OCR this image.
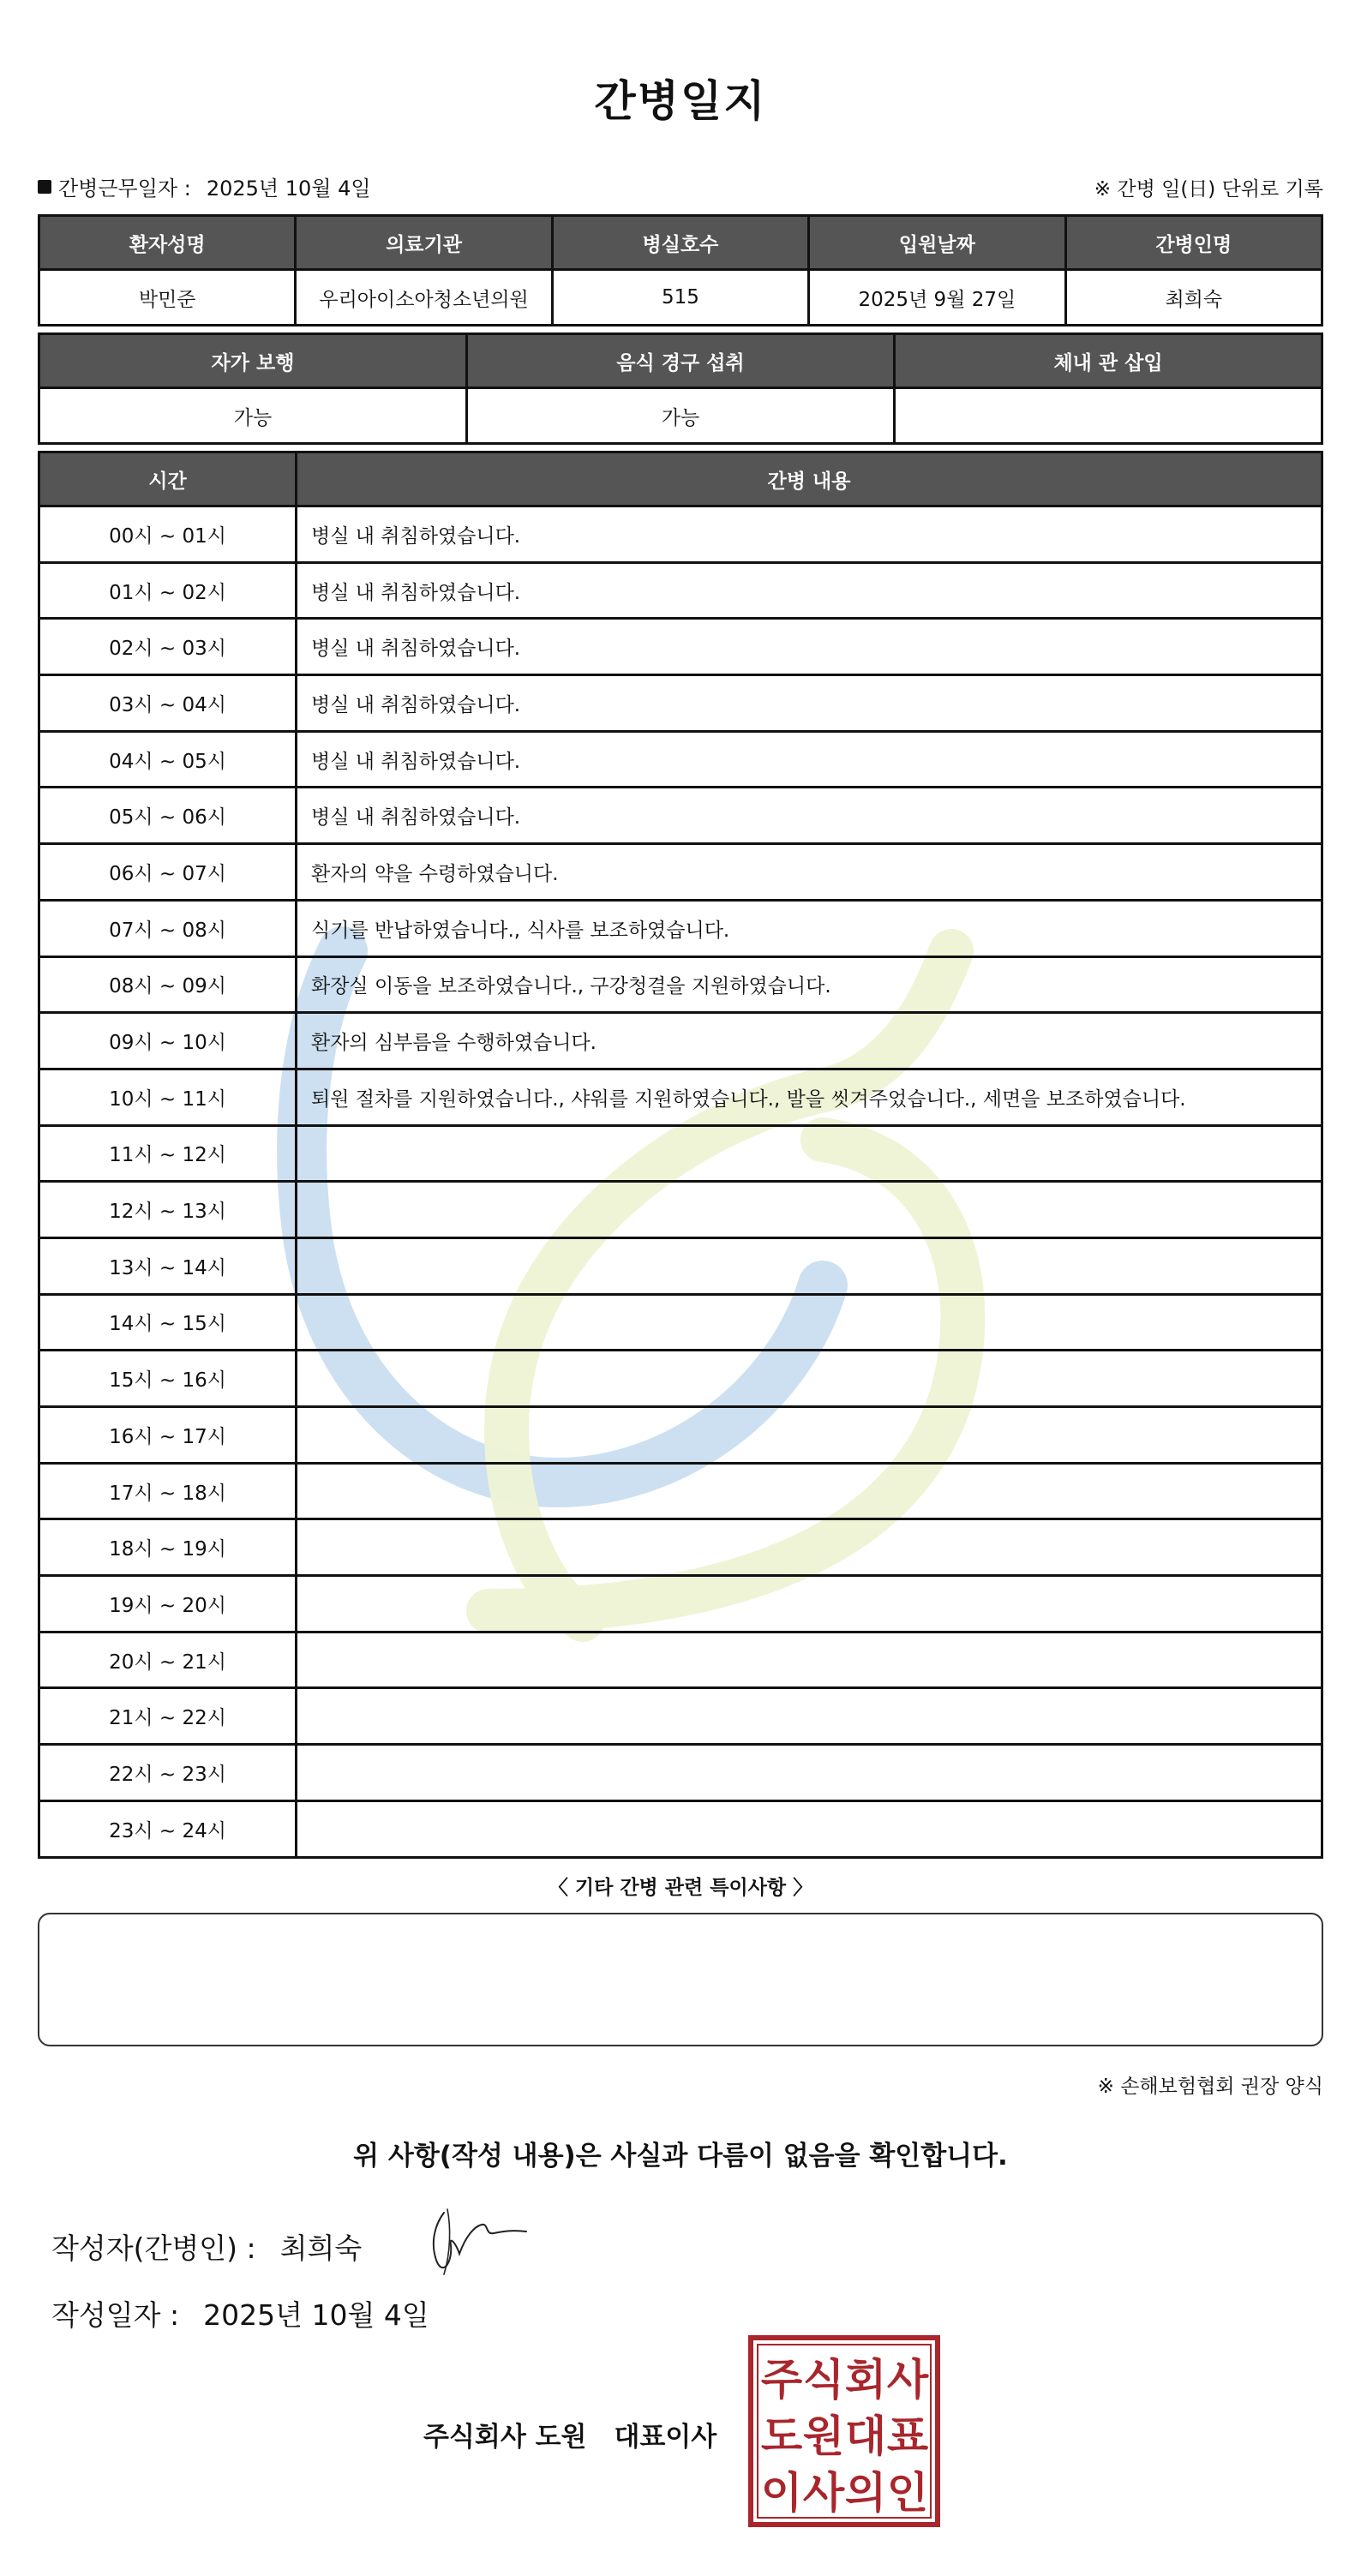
간병일지
간병근무일자 : 2025년 10월 4일	※ 간병 일(日) 단위로 기록
환자성명	의료기관	병실호수	입원날짜	간병인명
박민준	우리아이소아청소년의원	515	2025년 9월 27일	최희숙
자가 보행	음식 경구 섭취	체내 관 삽입
가능	가능	
시간	간병 내용
00시 ~ 01시	병실 내 취침하였습니다.
01시 ~ 02시	병실 내 취침하였습니다.
02시 ~ 03시	병실 내 취침하였습니다.
03시 ~ 04시	병실 내 취침하였습니다.
04시 ~ 05시	병실 내 취침하였습니다.
05시 ~ 06시	병실 내 취침하였습니다.
06시 ~ 07시	환자의 약을 수령하였습니다.
07시 ~ 08시	식기를 반납하였습니다., 식사를 보조하였습니다.
08시 ~ 09시	화장실 이동을 보조하였습니다., 구강청결을 지원하였습니다.
09시 ~ 10시	환자의 심부름을 수행하였습니다.
10시 ~ 11시	퇴원 절차를 지원하였습니다., 샤워를 지원하였습니다., 발을 씻겨주었습니다., 세면을 보조하였습니다.
11시 ~ 12시	
12시 ~ 13시	
13시 ~ 14시	
14시 ~ 15시	
15시 ~ 16시	
16시 ~ 17시	
17시 ~ 18시	
18시 ~ 19시	
19시 ~ 20시	
20시 ~ 21시	
21시 ~ 22시	
22시 ~ 23시	
23시 ~ 24시	
〈 기타 간병 관련 특이사항 〉
※ 손해보험협회 권장 양식
위 사항(작성 내용)은 사실과 다름이 없음을 확인합니다.
작성자(간병인) : 최희숙
작성일자 : 2025년 10월 4일
주식회사 도원 대표이사
주 식 회 사
도 원 대 표
이 사 의 인
